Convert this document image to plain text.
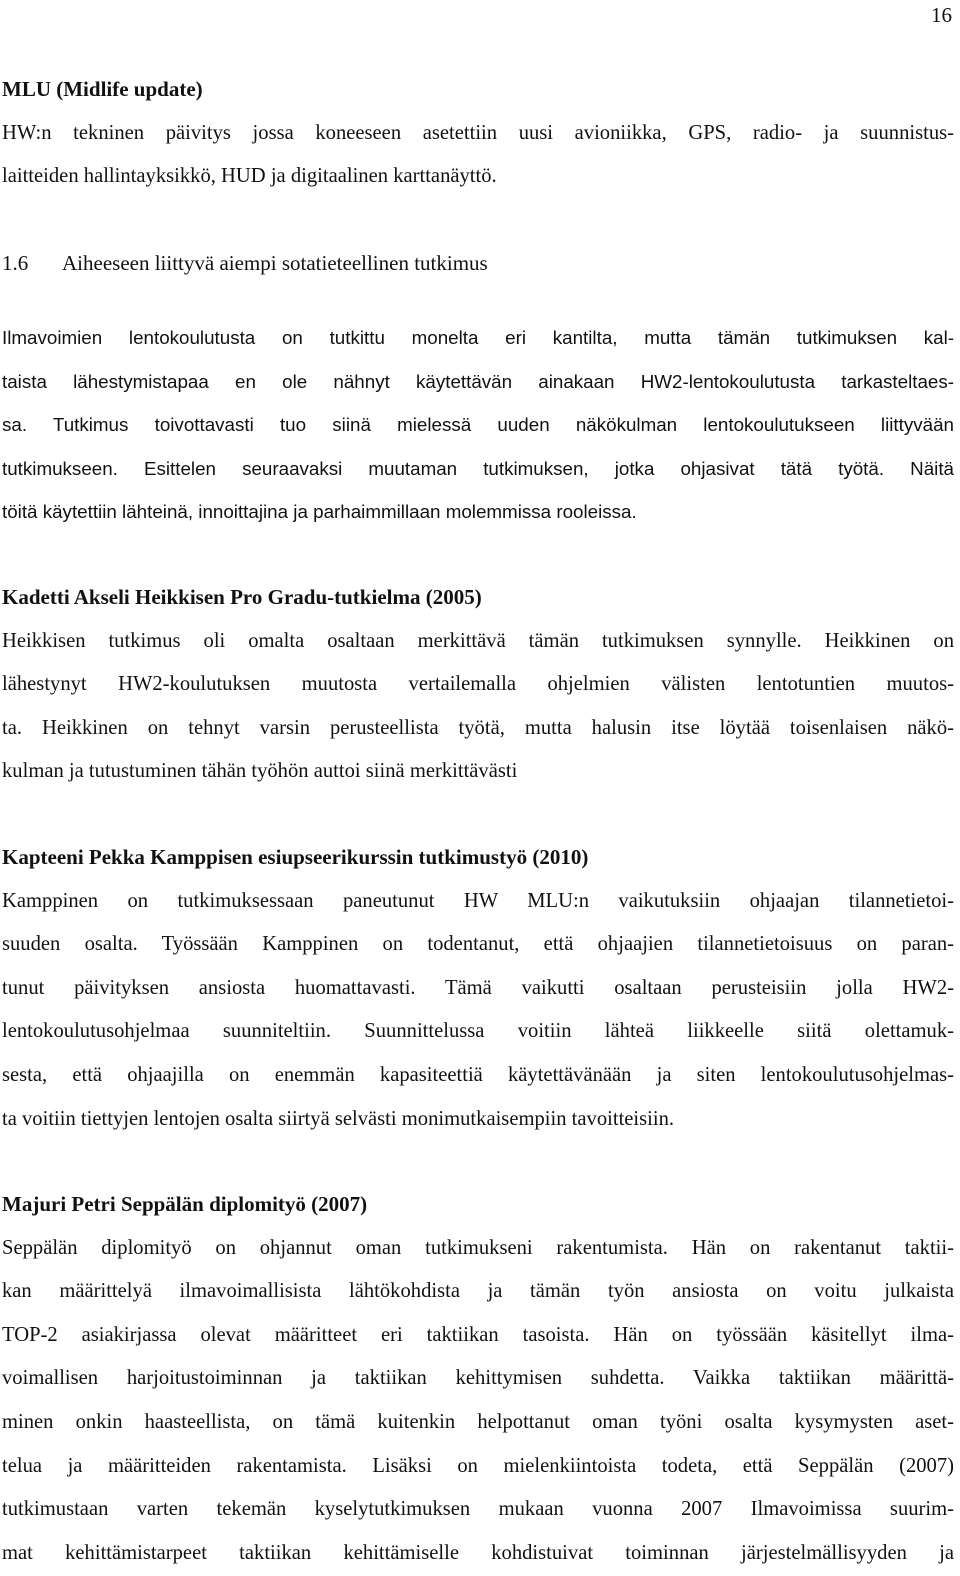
16
MLU (Midlife update)
HW:n tekninen päivitys jossa koneeseen asetettiin uusi avioniikka, GPS, radio- ja suunnistus-
laitteiden hallintayksikkö, HUD ja digitaalinen karttanäyttö.
1.6 Aiheeseen liittyvä aiempi sotatieteellinen tutkimus
Ilmavoimien lentokoulutusta on tutkittu monelta eri kantilta, mutta tämän tutkimuksen kal-
taista lähestymistapaa en ole nähnyt käytettävän ainakaan HW2-lentokoulutusta tarkasteltaes-
sa. Tutkimus toivottavasti tuo siinä mielessä uuden näkökulman lentokoulutukseen liittyvään
tutkimukseen. Esittelen seuraavaksi muutaman tutkimuksen, jotka ohjasivat tätä työtä. Näitä
töitä käytettiin lähteinä, innoittajina ja parhaimmillaan molemmissa rooleissa.
Kadetti Akseli Heikkisen Pro Gradu-tutkielma (2005)
Heikkisen tutkimus oli omalta osaltaan merkittävä tämän tutkimuksen synnylle. Heikkinen on
lähestynyt HW2-koulutuksen muutosta vertailemalla ohjelmien välisten lentotuntien muutos-
ta. Heikkinen on tehnyt varsin perusteellista työtä, mutta halusin itse löytää toisenlaisen näkö-
kulman ja tutustuminen tähän työhön auttoi siinä merkittävästi
Kapteeni Pekka Kamppisen esiupseerikurssin tutkimustyö (2010)
Kamppinen on tutkimuksessaan paneutunut HW MLU:n vaikutuksiin ohjaajan tilannetietoi-
suuden osalta. Työssään Kamppinen on todentanut, että ohjaajien tilannetietoisuus on paran-
tunut päivityksen ansiosta huomattavasti. Tämä vaikutti osaltaan perusteisiin jolla HW2-
lentokoulutusohjelmaa suunniteltiin. Suunnittelussa voitiin lähteä liikkeelle siitä olettamuk-
sesta, että ohjaajilla on enemmän kapasiteettiä käytettävänään ja siten lentokoulutusohjelmas-
ta voitiin tiettyjen lentojen osalta siirtyä selvästi monimutkaisempiin tavoitteisiin.
Majuri Petri Seppälän diplomityö (2007)
Seppälän diplomityö on ohjannut oman tutkimukseni rakentumista. Hän on rakentanut taktii-
kan määrittelyä ilmavoimallisista lähtökohdista ja tämän työn ansiosta on voitu julkaista
TOP-2 asiakirjassa olevat määritteet eri taktiikan tasoista. Hän on työssään käsitellyt ilma-
voimallisen harjoitustoiminnan ja taktiikan kehittymisen suhdetta. Vaikka taktiikan määrittä-
minen onkin haasteellista, on tämä kuitenkin helpottanut oman työni osalta kysymysten aset-
telua ja määritteiden rakentamista. Lisäksi on mielenkiintoista todeta, että Seppälän (2007)
tutkimustaan varten tekemän kyselytutkimuksen mukaan vuonna 2007 Ilmavoimissa suurim-
mat kehittämistarpeet taktiikan kehittämiselle kohdistuivat toiminnan järjestelmällisyyden ja
